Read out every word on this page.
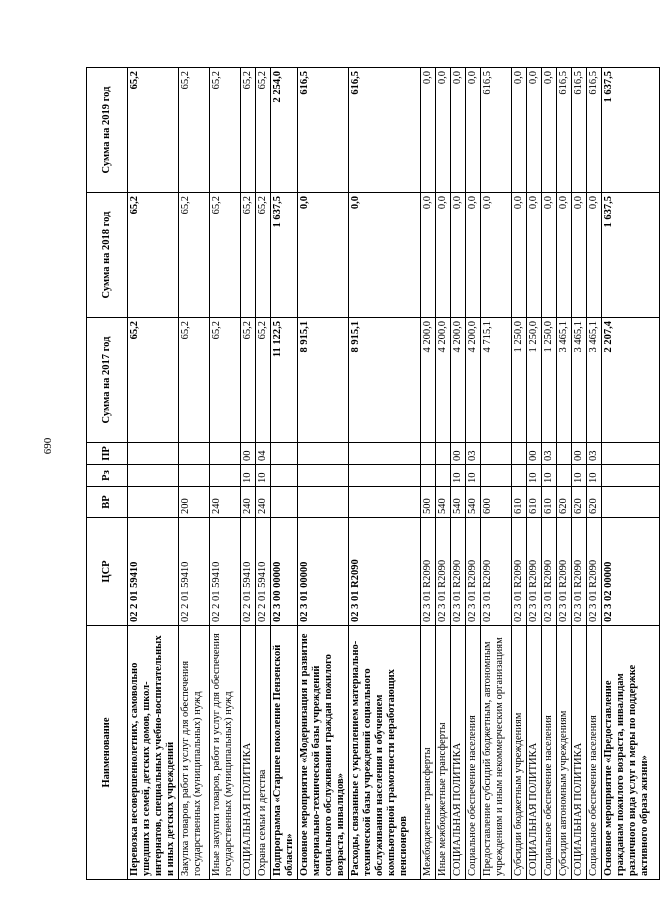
690
Наименование	ЦСР	ВР	Рз	ПР	Сумма на 2017 год	Сумма на 2018 год	Сумма на 2019 год
Перевозка несовершеннолетних, самовольно ушедших из семей, детских домов, школ-интернатов, специальных учебно-воспитательных и иных детских учреждений	02 2 01 59410				65,2	65,2	65,2
Закупка товаров, работ и услуг для обеспечения государственных (муниципальных) нужд	02 2 01 59410	200			65,2	65,2	65,2
Иные закупки товаров, работ и услуг для обеспечения государственных (муниципальных) нужд	02 2 01 59410	240			65,2	65,2	65,2
СОЦИАЛЬНАЯ ПОЛИТИКА	02 2 01 59410	240	10	00	65,2	65,2	65,2
Охрана семьи и детства	02 2 01 59410	240	10	04	65,2	65,2	65,2
Подпрограмма «Старшее поколение Пензенской области»	02 3 00 00000				11 122,5	1 637,5	2 254,0
Основное мероприятие «Модернизация и развитие материально-технической базы учреждений социального обслуживания граждан пожилого возраста, инвалидов»	02 3 01 00000				8 915,1	0,0	616,5
Расходы, связанные с укреплением материально-технической базы учреждений социального обслуживания населения и обучением компьютерной грамотности неработающих пенсионеров	02 3 01 R2090				8 915,1	0,0	616,5
Межбюджетные трансферты	02 3 01 R2090	500			4 200,0	0,0	0,0
Иные межбюджетные трансферты	02 3 01 R2090	540			4 200,0	0,0	0,0
СОЦИАЛЬНАЯ ПОЛИТИКА	02 3 01 R2090	540	10	00	4 200,0	0,0	0,0
Социальное обеспечение населения	02 3 01 R2090	540	10	03	4 200,0	0,0	0,0
Предоставление субсидий бюджетным, автономным учреждениям и иным некоммерческим организациям	02 3 01 R2090	600			4 715,1	0,0	616,5
Субсидии бюджетным учреждениям	02 3 01 R2090	610			1 250,0	0,0	0,0
СОЦИАЛЬНАЯ ПОЛИТИКА	02 3 01 R2090	610	10	00	1 250,0	0,0	0,0
Социальное обеспечение населения	02 3 01 R2090	610	10	03	1 250,0	0,0	0,0
Субсидии автономным учреждениям	02 3 01 R2090	620			3 465,1	0,0	616,5
СОЦИАЛЬНАЯ ПОЛИТИКА	02 3 01 R2090	620	10	00	3 465,1	0,0	616,5
Социальное обеспечение населения	02 3 01 R2090	620	10	03	3 465,1	0,0	616,5
Основное мероприятие «Предоставление гражданам пожилого возраста, инвалидам различного вида услуг и меры по поддержке активного образа жизни»	02 3 02 00000				2 207,4	1 637,5	1 637,5
